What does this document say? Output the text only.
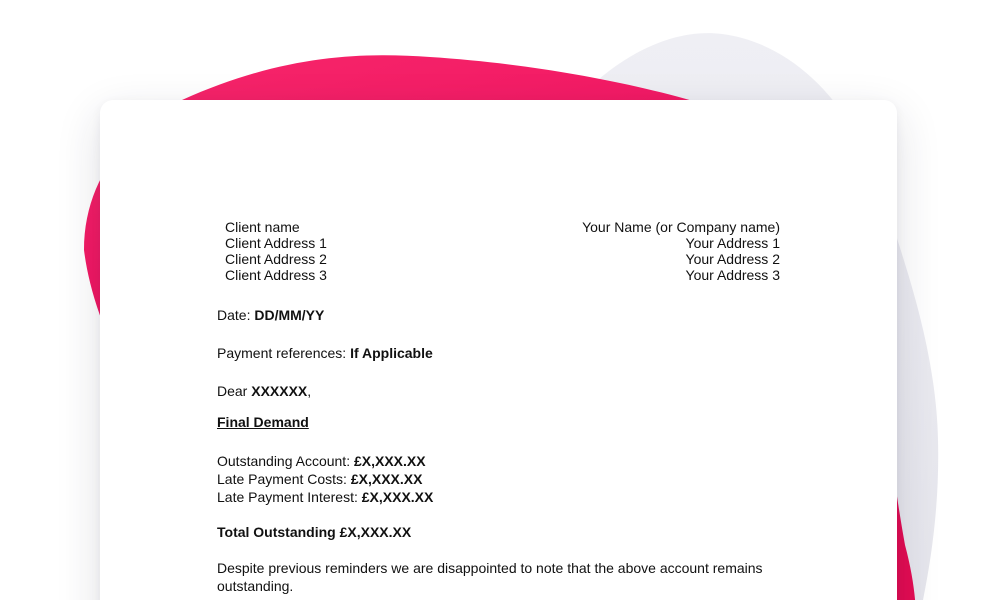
Client name
Client Address 1
Client Address 2
Client Address 3
Your Name (or Company name)
Your Address 1
Your Address 2
Your Address 3
Date: DD/MM/YY
Payment references: If Applicable
Dear XXXXXX,
Final Demand
Outstanding Account: £X,XXX.XX
Late Payment Costs: £X,XXX.XX
Late Payment Interest: £X,XXX.XX
Total Outstanding £X,XXX.XX
Despite previous reminders we are disappointed to note that the above account remains outstanding.
